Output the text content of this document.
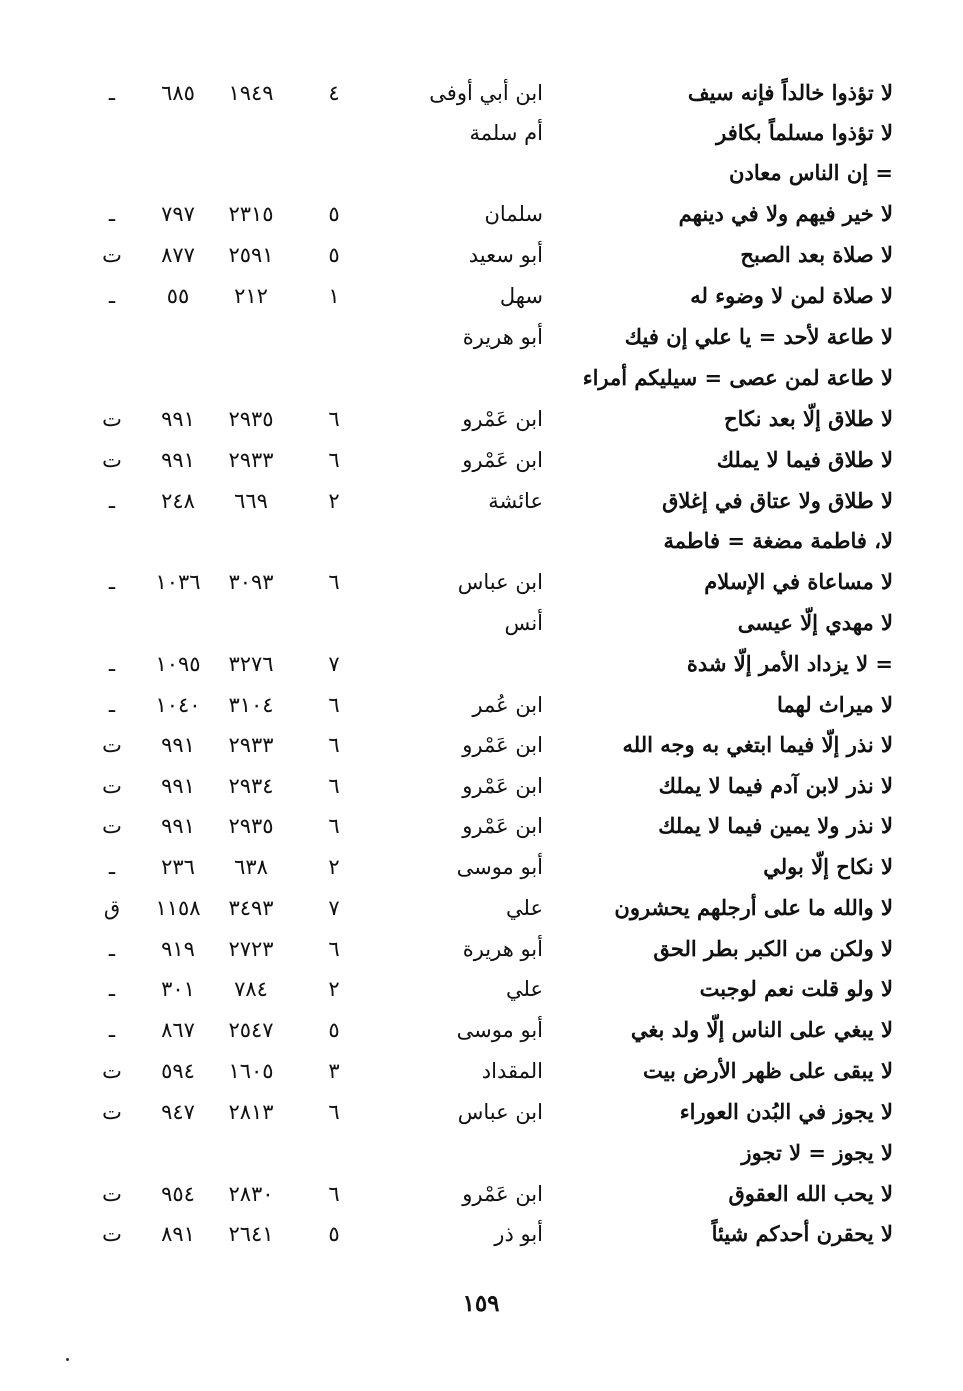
لا تؤذوا خالداً فإنه سيف
ابن أبي أوفى
٤
١٩٤٩
٦٨٥
ـ
لا تؤذوا مسلماً بكافر
أم سلمة
= إن الناس معادن
لا خير فيهم ولا في دينهم
سلمان
٥
٢٣١٥
٧٩٧
ـ
لا صلاة بعد الصبح
أبو سعيد
٥
٢٥٩١
٨٧٧
ت
لا صلاة لمن لا وضوء له
سهل
١
٢١٢
٥٥
ـ
لا طاعة لأحد = يا علي إن فيك
أبو هريرة
لا طاعة لمن عصى = سيليكم أمراء
لا طلاق إلّا بعد نكاح
ابن عَمْرو
٦
٢٩٣٥
٩٩١
ت
لا طلاق فيما لا يملك
ابن عَمْرو
٦
٢٩٣٣
٩٩١
ت
لا طلاق ولا عتاق في إغلاق
عائشة
٢
٦٦٩
٢٤٨
ـ
لا، فاطمة مضغة = فاطمة
لا مساعاة في الإسلام
ابن عباس
٦
٣٠٩٣
١٠٣٦
ـ
لا مهدي إلّا عيسى
أنس
= لا يزداد الأمر إلّا شدة
٧
٣٢٧٦
١٠٩٥
ـ
لا ميراث لهما
ابن عُمر
٦
٣١٠٤
١٠٤٠
ـ
لا نذر إلّا فيما ابتغي به وجه الله
ابن عَمْرو
٦
٢٩٣٣
٩٩١
ت
لا نذر لابن آدم فيما لا يملك
ابن عَمْرو
٦
٢٩٣٤
٩٩١
ت
لا نذر ولا يمين فيما لا يملك
ابن عَمْرو
٦
٢٩٣٥
٩٩١
ت
لا نكاح إلّا بولي
أبو موسى
٢
٦٣٨
٢٣٦
ـ
لا والله ما على أرجلهم يحشرون
علي
٧
٣٤٩٣
١١٥٨
ق
لا ولكن من الكبر بطر الحق
أبو هريرة
٦
٢٧٢٣
٩١٩
ـ
لا ولو قلت نعم لوجبت
علي
٢
٧٨٤
٣٠١
ـ
لا يبغي على الناس إلّا ولد بغي
أبو موسى
٥
٢٥٤٧
٨٦٧
ـ
لا يبقى على ظهر الأرض بيت
المقداد
٣
١٦٠٥
٥٩٤
ت
لا يجوز في البُدن العوراء
ابن عباس
٦
٢٨١٣
٩٤٧
ت
لا يجوز = لا تجوز
لا يحب الله العقوق
ابن عَمْرو
٦
٢٨٣٠
٩٥٤
ت
لا يحقرن أحدكم شيئاً
أبو ذر
٥
٢٦٤١
٨٩١
ت
١٥٩
